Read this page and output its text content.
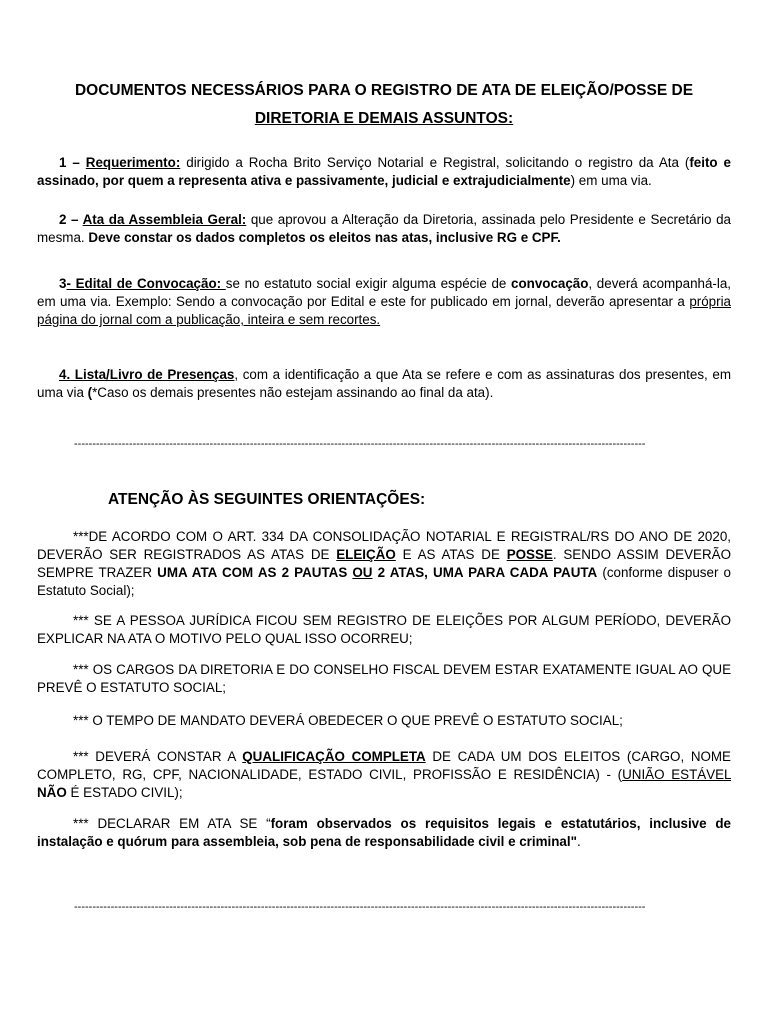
DOCUMENTOS NECESSÁRIOS PARA O REGISTRO DE ATA DE ELEIÇÃO/POSSE DE

DIRETORIA E DEMAIS ASSUNTOS:

1 – Requerimento: dirigido a Rocha Brito Serviço Notarial e Registral, solicitando o registro da Ata (feito e assinado, por quem a representa ativa e passivamente, judicial e extrajudicialmente) em uma via.

2 – Ata da Assembleia Geral: que aprovou a Alteração da Diretoria, assinada pelo Presidente e Secretário da mesma. Deve constar os dados completos os eleitos nas atas, inclusive RG e CPF.

3- Edital de Convocação: se no estatuto social exigir alguma espécie de convocação, deverá acompanhá-la, em uma via. Exemplo: Sendo a convocação por Edital e este for publicado em jornal, deverão apresentar a própria página do jornal com a publicação, inteira e sem recortes.

4. Lista/Livro de Presenças, com a identificação a que Ata se refere e com as assinaturas dos presentes, em uma via (*Caso os demais presentes não estejam assinando ao final da ata).

------------------------------------------------------------------------------------------------------------------------------------------------------------

ATENÇÃO ÀS SEGUINTES ORIENTAÇÕES:

***DE ACORDO COM O ART. 334 DA CONSOLIDAÇÃO NOTARIAL E REGISTRAL/RS DO ANO DE 2020, DEVERÃO SER REGISTRADOS AS ATAS DE ELEIÇÃO E AS ATAS DE POSSE. SENDO ASSIM DEVERÃO SEMPRE TRAZER UMA ATA COM AS 2 PAUTAS OU 2 ATAS, UMA PARA CADA PAUTA (conforme dispuser o Estatuto Social);

*** SE A PESSOA JURÍDICA FICOU SEM REGISTRO DE ELEIÇÕES POR ALGUM PERÍODO, DEVERÃO EXPLICAR NA ATA O MOTIVO PELO QUAL ISSO OCORREU;

*** OS CARGOS DA DIRETORIA E DO CONSELHO FISCAL DEVEM ESTAR EXATAMENTE IGUAL AO QUE PREVÊ O ESTATUTO SOCIAL;

*** O TEMPO DE MANDATO DEVERÁ OBEDECER O QUE PREVÊ O ESTATUTO SOCIAL;

*** DEVERÁ CONSTAR A QUALIFICAÇÃO COMPLETA DE CADA UM DOS ELEITOS (CARGO, NOME COMPLETO, RG, CPF, NACIONALIDADE, ESTADO CIVIL, PROFISSÃO E RESIDÊNCIA) - (UNIÃO ESTÁVEL NÃO É ESTADO CIVIL);

*** DECLARAR EM ATA SE “foram observados os requisitos legais e estatutários, inclusive de instalação e quórum para assembleia, sob pena de responsabilidade civil e criminal".

------------------------------------------------------------------------------------------------------------------------------------------------------------
